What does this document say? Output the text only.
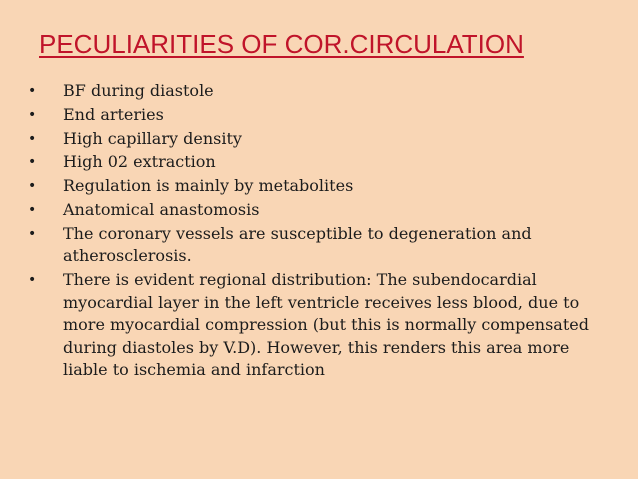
PECULIARITIES OF COR.CIRCULATION
•	BF during diastole
•	End arteries
•	High capillary density
•	High 02 extraction
•	Regulation is mainly by metabolites
•	Anatomical anastomosis
•	The coronary vessels are susceptible to degeneration and atherosclerosis.
•	There is evident regional distribution: The subendocardial myocardial layer in the left ventricle receives less blood, due to more myocardial compression (but this is normally compensated during diastoles by V.D). However, this renders this area more liable to ischemia and infarction
